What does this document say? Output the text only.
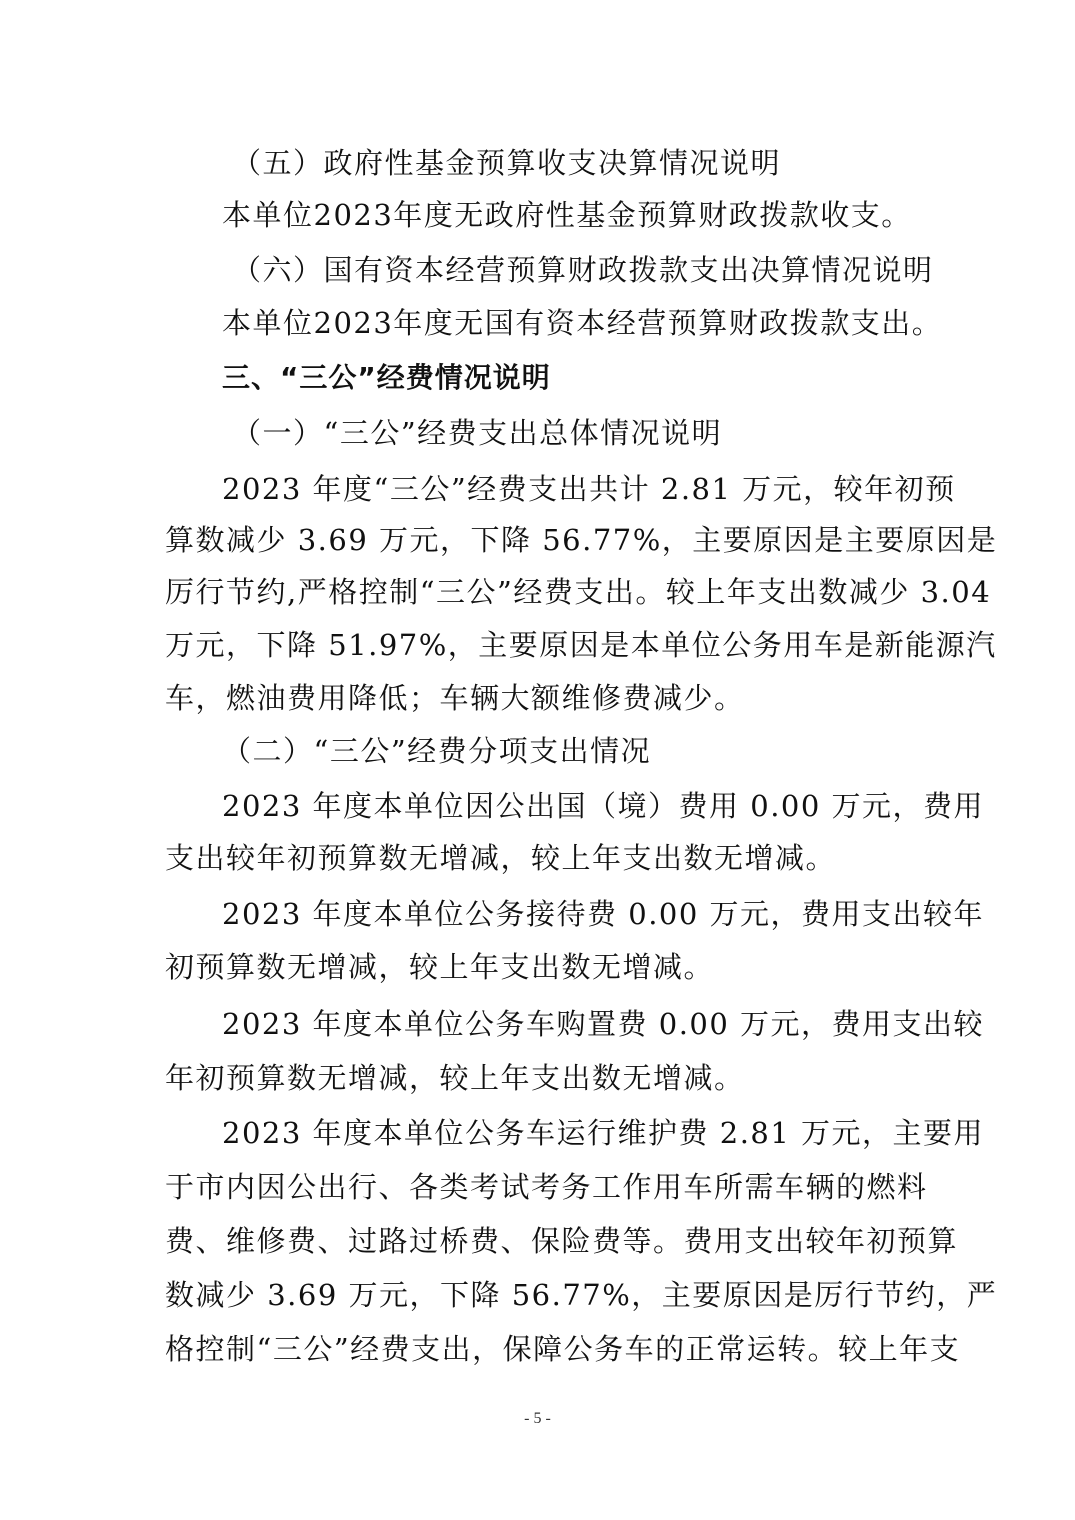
（五）政府性基金预算收支决算情况说明
本单位2023年度无政府性基金预算财政拨款收支。
（六）国有资本经营预算财政拨款支出决算情况说明
本单位2023年度无国有资本经营预算财政拨款支出。
三、“三公”经费情况说明
（一）“三公”经费支出总体情况说明
2023 年度“三公”经费支出共计 2.81 万元，较年初预
算数减少 3.69 万元，下降 56.77%，主要原因是主要原因是
厉行节约,严格控制“三公”经费支出。较上年支出数减少 3.04
万元，下降 51.97%，主要原因是本单位公务用车是新能源汽
车，燃油费用降低；车辆大额维修费减少。
（二）“三公”经费分项支出情况
2023 年度本单位因公出国（境）费用 0.00 万元，费用
支出较年初预算数无增减，较上年支出数无增减。
2023 年度本单位公务接待费 0.00 万元，费用支出较年
初预算数无增减，较上年支出数无增减。
2023 年度本单位公务车购置费 0.00 万元，费用支出较
年初预算数无增减，较上年支出数无增减。
2023 年度本单位公务车运行维护费 2.81 万元，主要用
于市内因公出行、各类考试考务工作用车所需车辆的燃料
费、维修费、过路过桥费、保险费等。费用支出较年初预算
数减少 3.69 万元，下降 56.77%，主要原因是厉行节约，严
格控制“三公”经费支出，保障公务车的正常运转。较上年支
- 5 -
